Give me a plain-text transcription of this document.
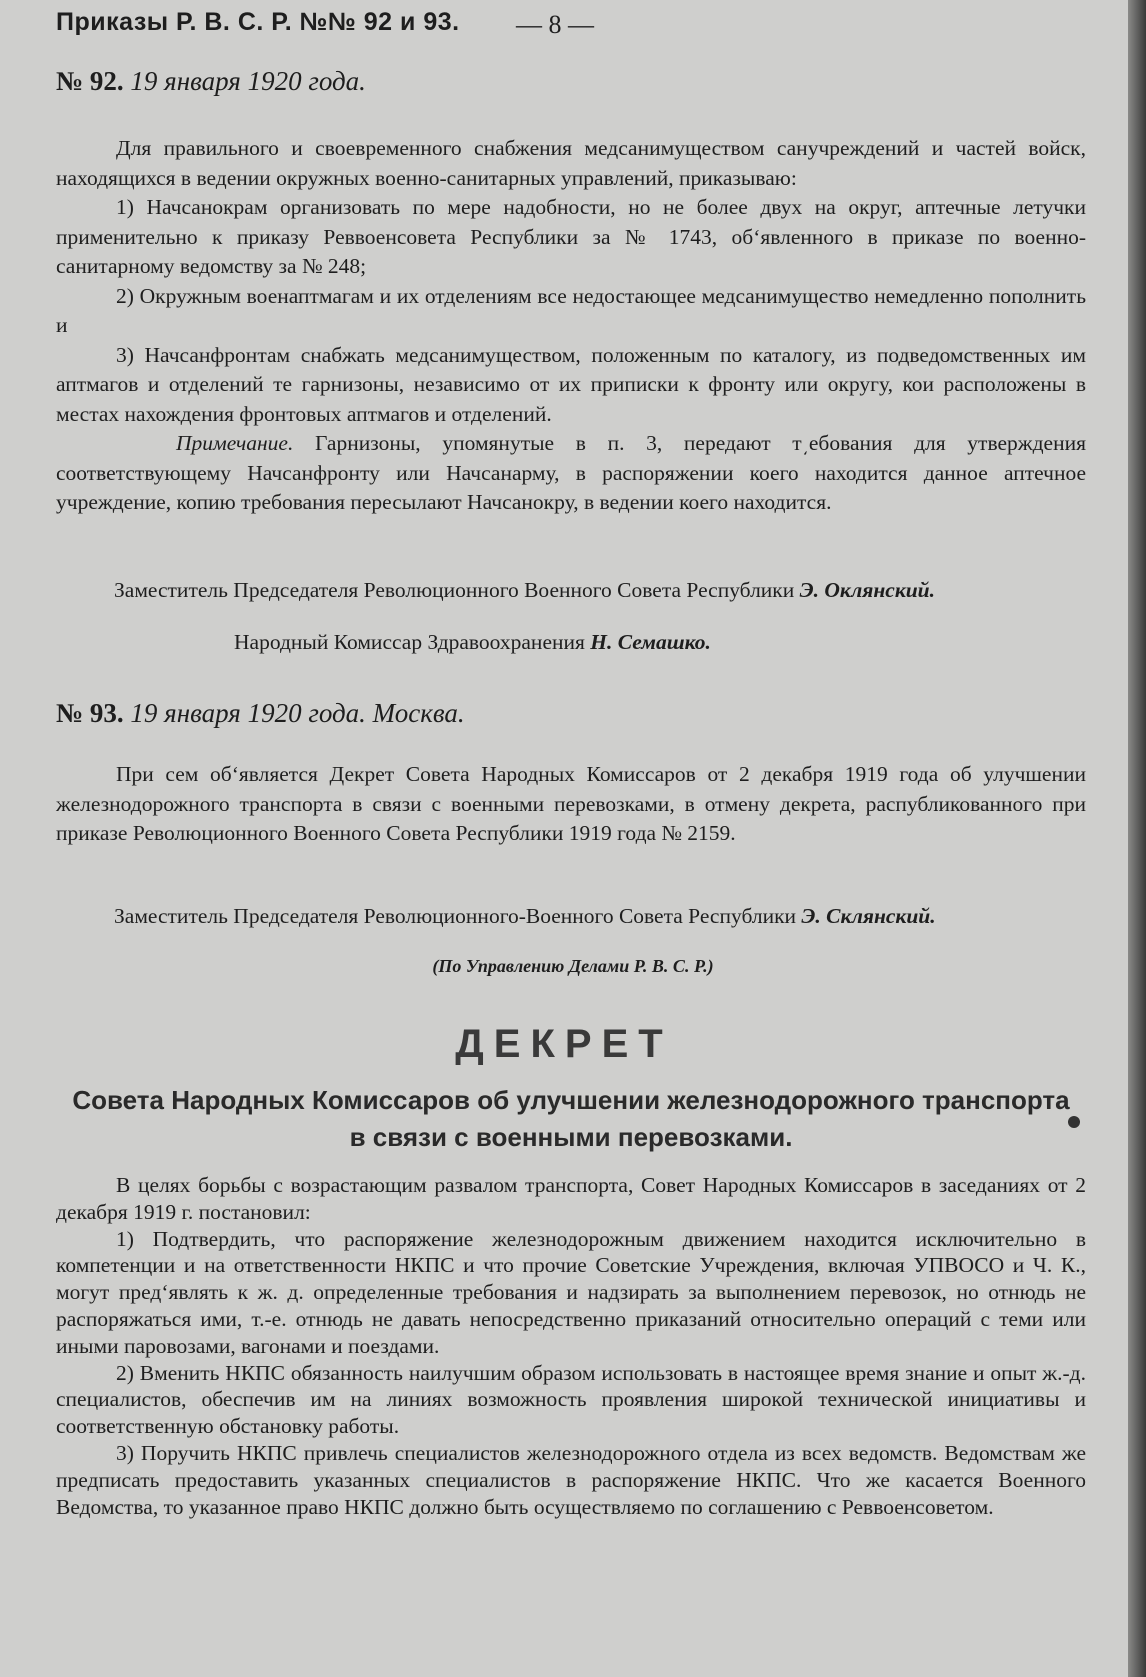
Приказы Р. В. С. Р. №№ 92 и 93. — 8 —
№ 92. 19 января 1920 года.

Для правильного и своевременного снабжения медсанимуществом санучреждений и частей войск, находящихся в ведении окружных военно-санитарных управлений, приказываю:

1) Начсанокрам организовать по мере надобности, но не более двух на округ, аптечные летучки применительно к приказу Реввоенсовета Республики за № 1743, об‘явленного в приказе по военно-санитарному ведомству за № 248;

2) Окружным военаптмагам и их отделениям все недостающее медсанимущество немедленно пополнить и

3) Начсанфронтам снабжать медсанимуществом, положенным по каталогу, из подведомственных им аптмагов и отделений те гарнизоны, независимо от их приписки к фронту или округу, кои расположены в местах нахождения фронтовых аптмагов и отделений.

Примечание. Гарнизоны, упомянутые в п. 3, передают т͵ебования для утверждения соответствующему Начсанфронту или Начсанарму, в распоряжении коего находится данное аптечное учреждение, копию требования пересылают Начсанокру, в ведении коего находится.

Заместитель Председателя Революционного Военного Совета Республики Э. Оклянский.
Народный Комиссар Здравоохранения Н. Семашко.
№ 93. 19 января 1920 года. Москва.

При сем об‘является Декрет Совета Народных Комиссаров от 2 декабря 1919 года об улучшении железнодорожного транспорта в связи с военными перевозками, в отмену декрета, распубликованного при приказе Революционного Военного Совета Республики 1919 года № 2159.

Заместитель Председателя Революционного-Военного Совета Республики Э. Склянский.
(По Управлению Делами Р. В. С. Р.)
ДЕКРЕТ
Совета Народных Комиссаров об улучшении железнодорожного транспорта
в связи с военными перевозками.

В целях борьбы с возрастающим развалом транспорта, Совет Народных Комиссаров в заседаниях от 2 декабря 1919 г. постановил:

1) Подтвердить, что распоряжение железнодорожным движением находится исключительно в компетенции и на ответственности НКПС и что прочие Советские Учреждения, включая УПВОСО и Ч. К., могут пред‘являть к ж. д. определенные требования и надзирать за выполнением перевозок, но отнюдь не распоряжаться ими, т.-е. отнюдь не давать непосредственно приказаний относительно операций с теми или иными паровозами, вагонами и поездами.

2) Вменить НКПС обязанность наилучшим образом использовать в настоящее время знание и опыт ж.-д. специалистов, обеспечив им на линиях возможность проявления широкой технической инициативы и соответственную обстановку работы.

3) Поручить НКПС привлечь специалистов железнодорожного отдела из всех ведомств. Ведомствам же предписать предоставить указанных специалистов в распоряжение НКПС. Что же касается Военного Ведомства, то указанное право НКПС должно быть осуществляемо по соглашению с Реввоенсоветом.
